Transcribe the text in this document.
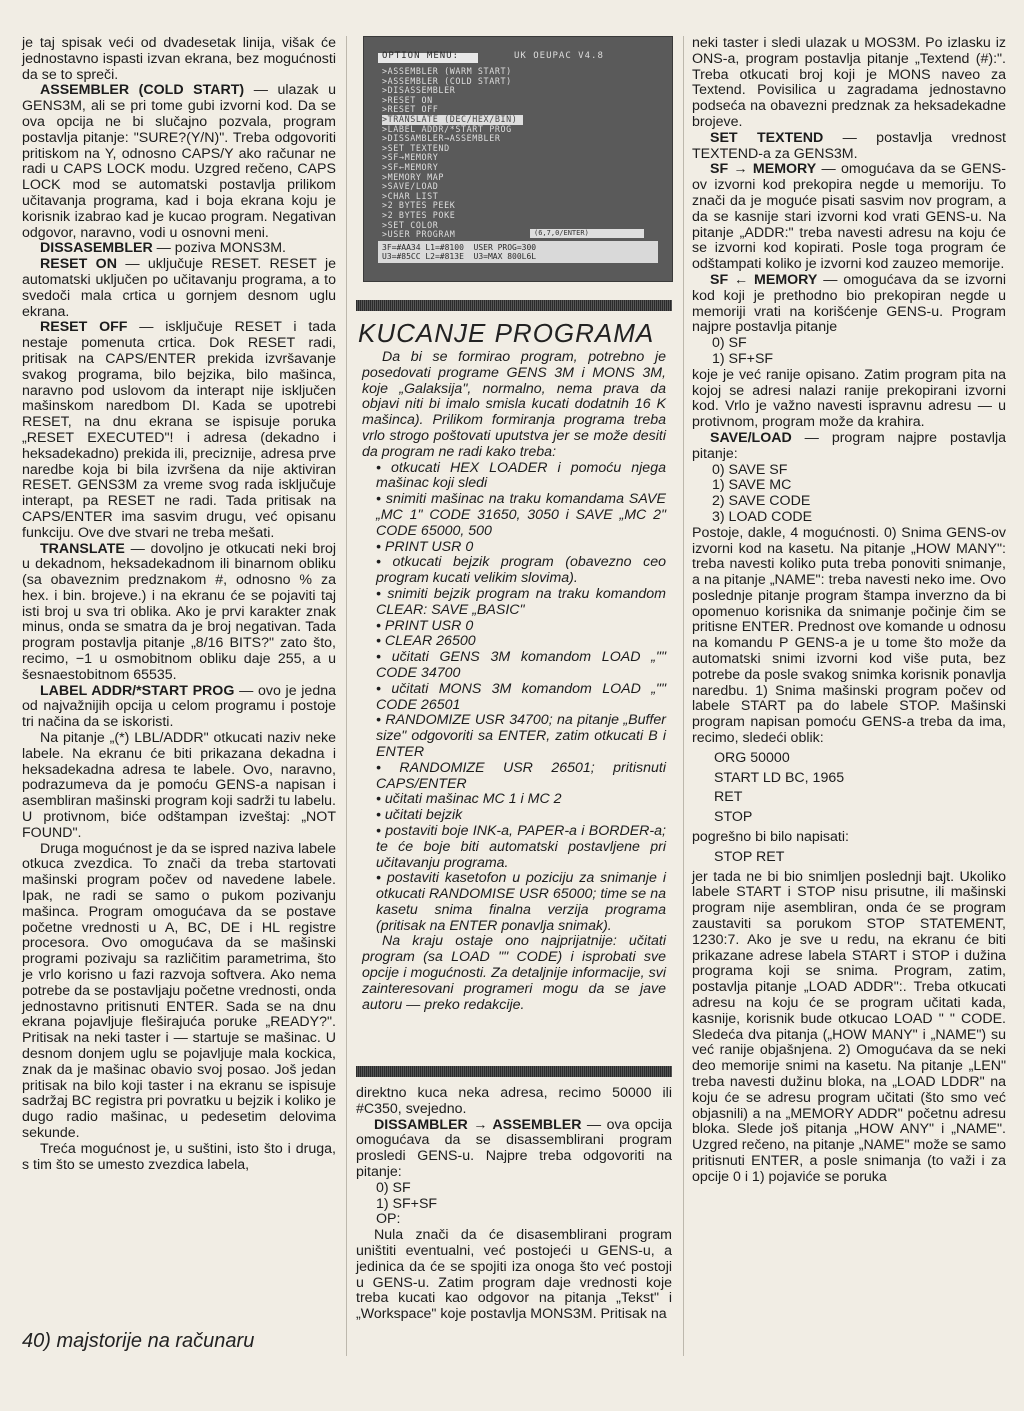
je taj spisak veći od dvadesetak linija, višak će jednostavno ispasti izvan ekrana, bez mogućnosti da se to spreči.

ASSEMBLER (COLD START) — ulazak u GENS3M, ali se pri tome gubi izvorni kod. Da se ova opcija ne bi slučajno pozvala, program postavlja pitanje: "SURE?(Y/N)". Treba odgovoriti pritiskom na Y, odnosno CAPS/Y ako računar ne radi u CAPS LOCK modu. Uzgred rečeno, CAPS LOCK mod se automatski postavlja prilikom učitavanja programa, kad i boja ekrana koju je korisnik izabrao kad je kucao program. Negativan odgovor, naravno, vodi u osnovni meni.

DISSASEMBLER — poziva MONS3M.

RESET ON — uključuje RESET. RESET je automatski uključen po učitavanju programa, a to svedoči mala crtica u gornjem desnom uglu ekrana.

RESET OFF — isključuje RESET i tada nestaje pomenuta crtica. Dok RESET radi, pritisak na CAPS/ENTER prekida izvršavanje svakog programa, bilo bejzika, bilo mašinca, naravno pod uslovom da interapt nije isključen mašinskom naredbom DI. Kada se upotrebi RESET, na dnu ekrana se ispisuje poruka „RESET EXECUTED"! i adresa (dekadno i heksadekadno) prekida ili, preciznije, adresa prve naredbe koja bi bila izvršena da nije aktiviran RESET. GENS3M za vreme svog rada isključuje interapt, pa RESET ne radi. Tada pritisak na CAPS/ENTER ima sasvim drugu, već opisanu funkciju. Ove dve stvari ne treba mešati.

TRANSLATE — dovoljno je otkucati neki broj u dekadnom, heksadekadnom ili binarnom obliku (sa obaveznim predznakom #, odnosno % za hex. i bin. brojeve.) i na ekranu će se pojaviti taj isti broj u sva tri oblika. Ako je prvi karakter znak minus, onda se smatra da je broj negativan. Tada program postavlja pitanje „8/16 BITS?" zato što, recimo, −1 u osmobitnom obliku daje 255, a u šesnaestobitnom 65535.

LABEL ADDR/*START PROG — ovo je jedna od najvažnijih opcija u celom programu i postoje tri načina da se iskoristi.

Na pitanje „(*) LBL/ADDR" otkucati naziv neke labele. Na ekranu će biti prikazana dekadna i heksadekadna adresa te labele. Ovo, naravno, podrazumeva da je pomoću GENS-a napisan i asembliran mašinski program koji sadrži tu labelu. U protivnom, biće odštampan izveštaj: „NOT FOUND".

Druga mogućnost je da se ispred naziva labele otkuca zvezdica. To znači da treba startovati mašinski program počev od navedene labele. Ipak, ne radi se samo o pukom pozivanju mašinca. Program omogućava da se postave početne vrednosti u A, BC, DE i HL registre procesora. Ovo omogućava da se mašinski programi pozivaju sa različitim parametrima, što je vrlo korisno u fazi razvoja softvera. Ako nema potrebe da se postavljaju početne vrednosti, onda jednostavno pritisnuti ENTER. Sada se na dnu ekrana pojavljuje fleširajuća poruke „READY?". Pritisak na neki taster i — startuje se mašinac. U desnom donjem uglu se pojavljuje mala kockica, znak da je mašinac obavio svoj posao. Još jedan pritisak na bilo koji taster i na ekranu se ispisuje sadržaj BC registra pri povratku u bejzik i koliko je dugo radio mašinac, u pedesetim delovima sekunde.

Treća mogućnost je, u suštini, isto što i druga, s tim što se umesto zvezdica labela,

OPTION MENU:	UK OEUPAC V4.8
>ASSEMBLER (WARM START)
>ASSEMBLER (COLD START)
>DISASSEMBLER
>RESET ON
>RESET OFF
>TRANSLATE (DEC/HEX/BIN)
>LABEL ADDR/*START PROG
>DISSAMBLER→ASSEMBLER
>SET TEXTEND
>SF→MEMORY
>SF←MEMORY
>MEMORY MAP
>SAVE/LOAD
>CHAR LIST
>2 BYTES PEEK
>2 BYTES POKE
>SET COLOR
>USER PROGRAM	(6,7,0/ENTER)
3F=#AA34 L1=#8100  USER PROG=300
U3=#85CC L2=#813E  U3=MAX 800L6L
KUCANJE PROGRAMA

Da bi se formirao program, potrebno je posedovati programe GENS 3M i MONS 3M, koje „Galaksija", normalno, nema prava da objavi niti bi imalo smisla kucati dodatnih 16 K mašinca). Prilikom formiranja programa treba vrlo strogo poštovati uputstva jer se može desiti da program ne radi kako treba:

• otkucati HEX LOADER i pomoću njega mašinac koji sledi

• snimiti mašinac na traku komandama SAVE „MC 1" CODE 31650, 3050 i SAVE „MC 2" CODE 65000, 500

• PRINT USR 0

• otkucati bejzik program (obavezno ceo program kucati velikim slovima).

• snimiti bejzik program na traku komandom CLEAR: SAVE „BASIC"

• PRINT USR 0

• CLEAR 26500

• učitati GENS 3M komandom LOAD „"" CODE 34700

• učitati MONS 3M komandom LOAD „"" CODE 26501

• RANDOMIZE USR 34700; na pitanje „Buffer size" odgovoriti sa ENTER, zatim otkucati B i ENTER

• RANDOMIZE USR 26501; pritisnuti CAPS/ENTER

• učitati mašinac MC 1 i MC 2

• učitati bejzik

• postaviti boje INK-a, PAPER-a i BORDER-a; te će boje biti automatski postavljene pri učitavanju programa.

• postaviti kasetofon u poziciju za snimanje i otkucati RANDOMISE USR 65000; time se na kasetu snima finalna verzija programa (pritisak na ENTER ponavlja snimak).

Na kraju ostaje ono najprijatnije: učitati program (sa LOAD "" CODE) i isprobati sve opcije i mogućnosti. Za detaljnije informacije, svi zainteresovani programeri mogu da se jave autoru — preko redakcije.

direktno kuca neka adresa, recimo 50000 ili #C350, svejedno.

DISSAMBLER → ASSEMBLER — ova opcija omogućava da se disassemblirani program prosledi GENS-u. Najpre treba odgovoriti na pitanje:

0) SF
1) SF+SF
OP:

Nula znači da će disasemblirani program uništiti eventualni, već postojeći u GENS-u, a jedinica da će se spojiti iza onoga što već postoji u GENS-u. Zatim program daje vrednosti koje treba kucati kao odgovor na pitanja „Tekst" i „Workspace" koje postavlja MONS3M. Pritisak na

neki taster i sledi ulazak u MOS3M. Po izlasku iz ONS-a, program postavlja pitanje „Textend (#):". Treba otkucati broj koji je MONS naveo za Textend. Povisilica u zagradama jednostavno podseća na obavezni predznak za heksadekadne brojeve.

SET TEXTEND — postavlja vrednost TEXTEND-a za GENS3M.

SF → MEMORY — omogućava da se GENS-ov izvorni kod prekopira negde u memoriju. To znači da je moguće pisati sasvim nov program, a da se kasnije stari izvorni kod vrati GENS-u. Na pitanje „ADDR:" treba navesti adresu na koju će se izvorni kod kopirati. Posle toga program će odštampati koliko je izvorni kod zauzeo memorije.

SF ← MEMORY — omogućava da se izvorni kod koji je prethodno bio prekopiran negde u memoriji vrati na korišćenje GENS-u. Program najpre postavlja pitanje

0) SF
1) SF+SF

koje je već ranije opisano. Zatim program pita na kojoj se adresi nalazi ranije prekopirani izvorni kod. Vrlo je važno navesti ispravnu adresu — u protivnom, program može da krahira.

SAVE/LOAD — program najpre postavlja pitanje:

0) SAVE SF
1) SAVE MC
2) SAVE CODE
3) LOAD CODE

Postoje, dakle, 4 mogućnosti. 0) Snima GENS-ov izvorni kod na kasetu. Na pitanje „HOW MANY": treba navesti koliko puta treba ponoviti snimanje, a na pitanje „NAME": treba navesti neko ime. Ovo poslednje pitanje program štampa inverzno da bi opomenuo korisnika da snimanje počinje čim se pritisne ENTER. Prednost ove komande u odnosu na komandu P GENS-a je u tome što može da automatski snimi izvorni kod više puta, bez potrebe da posle svakog snimka korisnik ponavlja naredbu. 1) Snima mašinski program počev od labele START pa do labele STOP. Mašinski program napisan pomoću GENS-a treba da ima, recimo, sledeći oblik:

ORG 50000
START LD BC, 1965
RET
STOP

pogrešno bi bilo napisati:

STOP RET

jer tada ne bi bio snimljen poslednji bajt. Ukoliko labele START i STOP nisu prisutne, ili mašinski program nije asembliran, onda će se program zaustaviti sa porukom STOP STATEMENT, 1230:7. Ako je sve u redu, na ekranu će biti prikazane adrese labela START i STOP i dužina programa koji se snima. Program, zatim, postavlja pitanje „LOAD ADDR":. Treba otkucati adresu na koju će se program učitati kada, kasnije, korisnik bude otkucao LOAD " " CODE. Sledeća dva pitanja („HOW MANY" i „NAME") su već ranije objašnjena. 2) Omogućava da se neki deo memorije snimi na kasetu. Na pitanje „LEN" treba navesti dužinu bloka, na „LOAD LDDR" na koju će se adresu program učitati (što smo već objasnili) a na „MEMORY ADDR" početnu adresu bloka. Slede još pitanja „HOW ANY" i „NAME". Uzgred rečeno, na pitanje „NAME" može se samo pritisnuti ENTER, a posle snimanja (to važi i za opcije 0 i 1) pojaviće se poruka

40) majstorije na računaru
